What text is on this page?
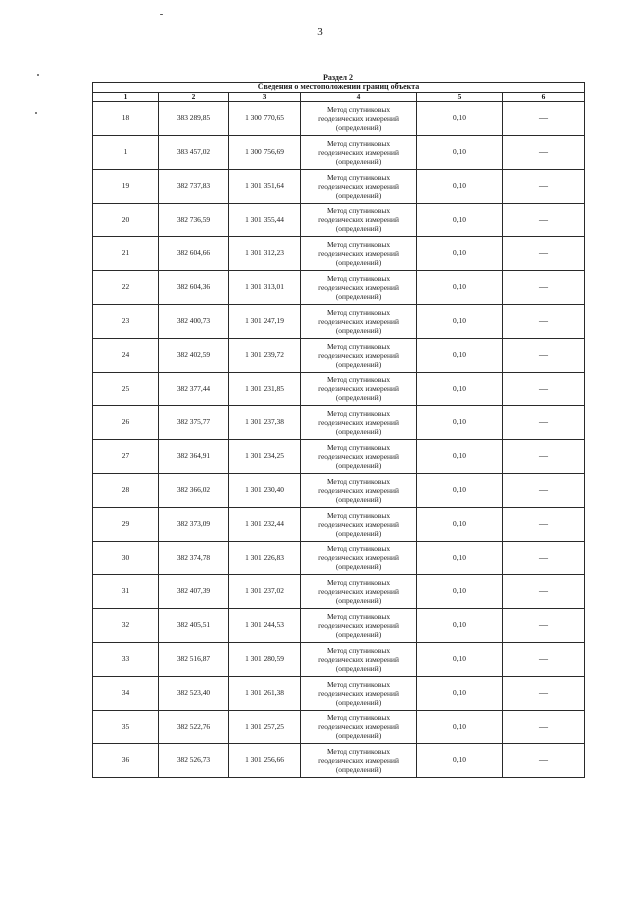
3
Раздел 2
Сведения о местоположении границ объекта					
1	2	3	4	5	6
18	383 289,85	1 300 770,65	Метод спутниковых
геодезических измерений
(определений)	0,10	—
1	383 457,02	1 300 756,69	Метод спутниковых
геодезических измерений
(определений)	0,10	—
19	382 737,83	1 301 351,64	Метод спутниковых
геодезических измерений
(определений)	0,10	—
20	382 736,59	1 301 355,44	Метод спутниковых
геодезических измерений
(определений)	0,10	—
21	382 604,66	1 301 312,23	Метод спутниковых
геодезических измерений
(определений)	0,10	—
22	382 604,36	1 301 313,01	Метод спутниковых
геодезических измерений
(определений)	0,10	—
23	382 400,73	1 301 247,19	Метод спутниковых
геодезических измерений
(определений)	0,10	—
24	382 402,59	1 301 239,72	Метод спутниковых
геодезических измерений
(определений)	0,10	—
25	382 377,44	1 301 231,85	Метод спутниковых
геодезических измерений
(определений)	0,10	—
26	382 375,77	1 301 237,38	Метод спутниковых
геодезических измерений
(определений)	0,10	—
27	382 364,91	1 301 234,25	Метод спутниковых
геодезических измерений
(определений)	0,10	—
28	382 366,02	1 301 230,40	Метод спутниковых
геодезических измерений
(определений)	0,10	—
29	382 373,09	1 301 232,44	Метод спутниковых
геодезических измерений
(определений)	0,10	—
30	382 374,78	1 301 226,83	Метод спутниковых
геодезических измерений
(определений)	0,10	—
31	382 407,39	1 301 237,02	Метод спутниковых
геодезических измерений
(определений)	0,10	—
32	382 405,51	1 301 244,53	Метод спутниковых
геодезических измерений
(определений)	0,10	—
33	382 516,87	1 301 280,59	Метод спутниковых
геодезических измерений
(определений)	0,10	—
34	382 523,40	1 301 261,38	Метод спутниковых
геодезических измерений
(определений)	0,10	—
35	382 522,76	1 301 257,25	Метод спутниковых
геодезических измерений
(определений)	0,10	—
36	382 526,73	1 301 256,66	Метод спутниковых
геодезических измерений
(определений)	0,10	—
